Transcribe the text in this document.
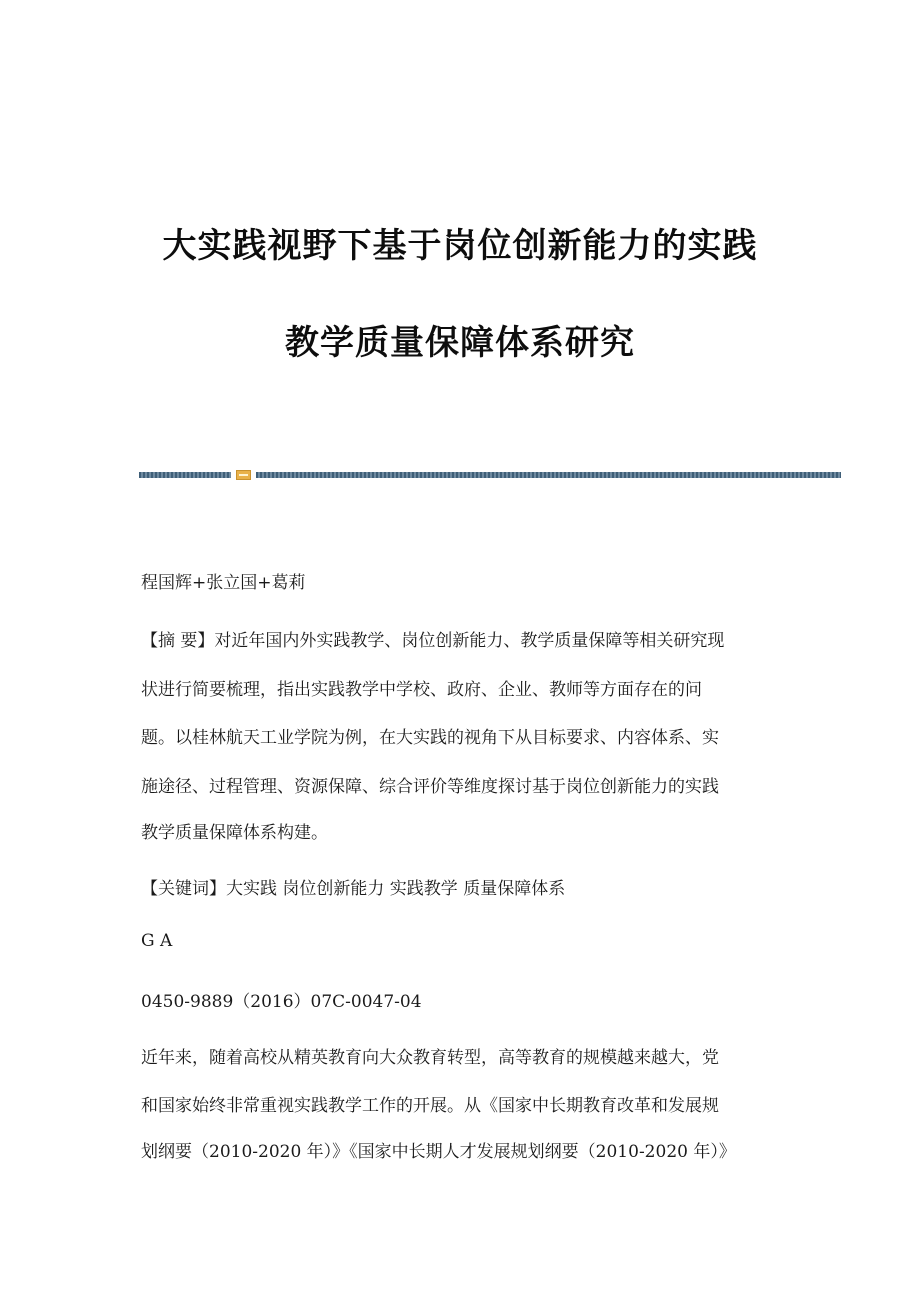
大实践视野下基于岗位创新能力的实践
教学质量保障体系研究
程国辉+张立国+葛莉
【摘 要】对近年国内外实践教学、岗位创新能力、教学质量保障等相关研究现
状进行简要梳理，指出实践教学中学校、政府、企业、教师等方面存在的问
题。以桂林航天工业学院为例，在大实践的视角下从目标要求、内容体系、实
施途径、过程管理、资源保障、综合评价等维度探讨基于岗位创新能力的实践
教学质量保障体系构建。
【关键词】大实践 岗位创新能力 实践教学 质量保障体系
G A
0450-9889（2016）07C-0047-04
近年来，随着高校从精英教育向大众教育转型，高等教育的规模越来越大，党
和国家始终非常重视实践教学工作的开展。从《国家中长期教育改革和发展规
划纲要（2010-2020 年）》《国家中长期人才发展规划纲要（2010-2020 年）》
